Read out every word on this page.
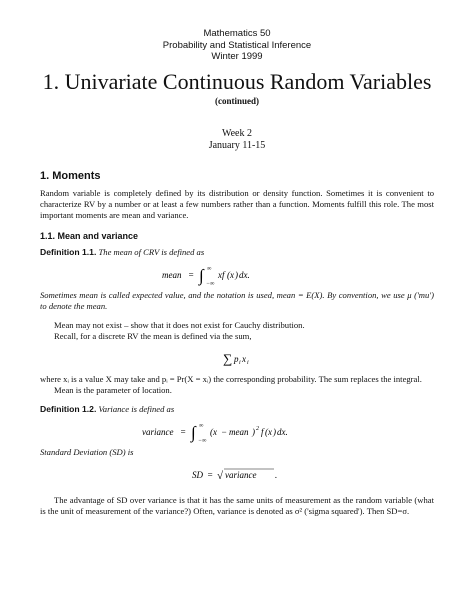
Mathematics 50
Probability and Statistical Inference
Winter 1999
1. Univariate Continuous Random Variables
(continued)
Week 2
January 11-15
1. Moments

Random variable is completely defined by its distribution or density function. Sometimes it is convenient to characterize RV by a number or at least a few numbers rather than a function. Moments fulfill this role. The most important moments are mean and variance.

1.1. Mean and variance

Definition 1.1. The mean of CRV is defined as

mean = ∫ ∞
−∞
xf ( x ) dx.

Sometimes mean is called expected value, and the notation is used, mean = E(X). By convention, we use μ ('mu') to denote the mean.

Mean may not exist – show that it does not exist for Cauchy distribution.

Recall, for a discrete RV the mean is defined via the sum,

∑ p i x i

where xᵢ is a value X may take and pᵢ = Pr(X = xᵢ) the corresponding probability. The sum replaces the integral.

Mean is the parameter of location.

Definition 1.2. Variance is defined as

variance = ∫ ∞
−∞
( x − mean ) 2 f ( x ) dx.

Standard Deviation (SD) is

SD = √ variance .

The advantage of SD over variance is that it has the same units of measurement as the random variable (what is the unit of measurement of the variance?) Often, variance is denoted as σ² ('sigma squared'). Then SD=σ.
